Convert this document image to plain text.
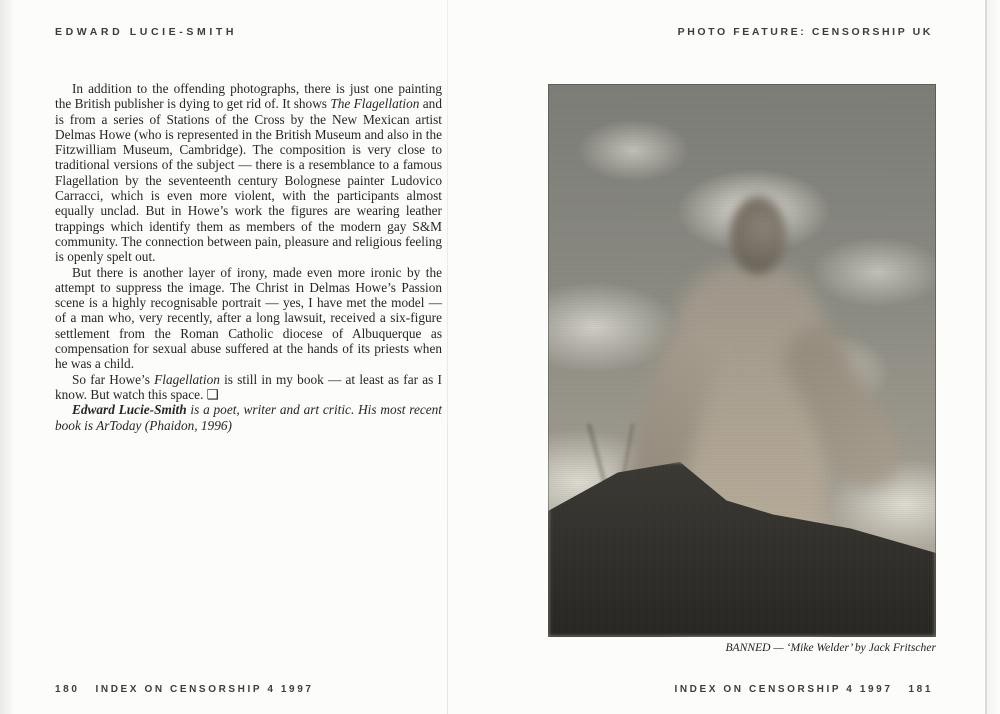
EDWARD LUCIE-SMITH

In addition to the offending photographs, there is just one painting the British publisher is dying to get rid of. It shows The Flagellation and is from a series of Stations of the Cross by the New Mexican artist Delmas Howe (who is represented in the British Museum and also in the Fitzwilliam Museum, Cambridge). The composition is very close to traditional versions of the subject — there is a resemblance to a famous Flagellation by the seventeenth century Bolognese painter Ludovico Carracci, which is even more violent, with the participants almost equally unclad. But in Howe’s work the figures are wearing leather trappings which identify them as members of the modern gay S&M community. The connection between pain, pleasure and religious feeling is openly spelt out.

But there is another layer of irony, made even more ironic by the attempt to suppress the image. The Christ in Delmas Howe’s Passion scene is a highly recognisable portrait — yes, I have met the model — of a man who, very recently, after a long lawsuit, received a six-figure settlement from the Roman Catholic diocese of Albuquerque as compensation for sexual abuse suffered at the hands of its priests when he was a child.

So far Howe’s Flagellation is still in my book — at least as far as I know. But watch this space. ❑

Edward Lucie-Smith is a poet, writer and art critic. His most recent book is ArToday (Phaidon, 1996)

180 INDEX ON CENSORSHIP 4 1997
PHOTO FEATURE: CENSORSHIP UK
BANNED — ‘Mike Welder’ by Jack Fritscher
INDEX ON CENSORSHIP 4 1997 181
